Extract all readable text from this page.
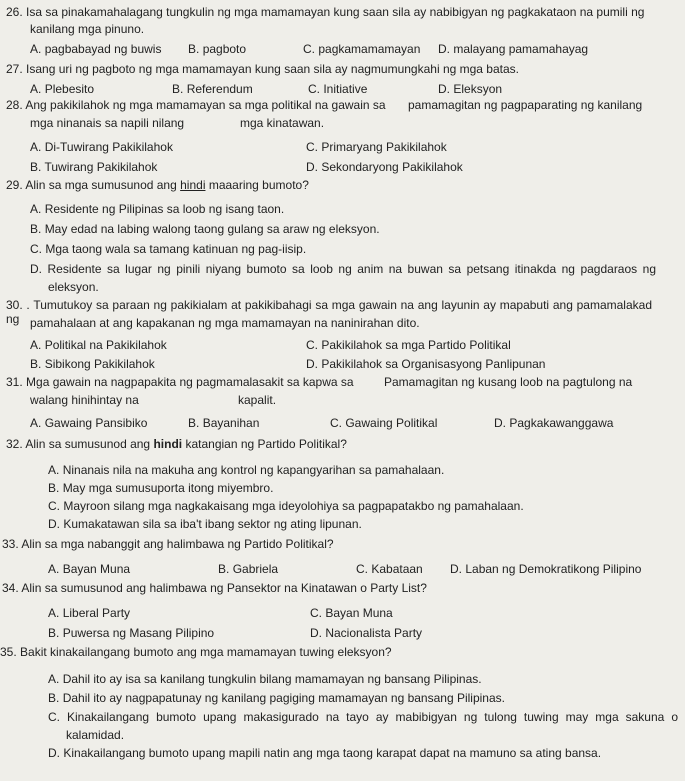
26. Isa sa pinakamahalagang tungkulin ng mga mamamayan kung saan sila ay nabibigyan ng pagkakataon na pumili ng
kanilang mga pinuno.
A. pagbabayad ng buwis B. pagboto	C. pagkamamamayan D. malayang pamamahayag
27. Isang uri ng pagboto ng mga mamamayan kung saan sila ay nagmumungkahi ng mga batas.
A. Plebesito	B. Referendum	C. Initiative	D. Eleksyon
28. Ang pakikilahok ng mga mamamayan sa mga politikal na gawain sa pamamagitan ng pagpaparating ng kanilang
mga ninanais sa napili nilang	mga kinatawan.
A. Di-Tuwirang Pakikilahok	C. Primaryang Pakikilahok
B. Tuwirang Pakikilahok	D. Sekondaryong Pakikilahok
29. Alin sa mga sumusunod ang hindi maaaring bumoto?
A. Residente ng Pilipinas sa loob ng isang taon.
B. May edad na labing walong taong gulang sa araw ng eleksyon.
C. Mga taong wala sa tamang katinuan ng pag-iisip.
D. Residente sa lugar ng pinili niyang bumoto sa loob ng anim na buwan sa petsang itinakda ng pagdaraos ng
eleksyon.
30. . Tumutukoy sa paraan ng pakikialam at pakikibahagi sa mga gawain na ang layunin ay mapabuti ang pamamalakad ng pamahalaan at ang kapakanan ng mga mamamayan na naninirahan dito.
A. Politikal na Pakikilahok	C. Pakikilahok sa mga Partido Politikal
B. Sibikong Pakikilahok	D. Pakikilahok sa Organisasyong Panlipunan
31. Mga gawain na nagpapakita ng pagmamalasakit sa kapwa sa	Pamamagitan ng kusang loob na pagtulong na
walang hinihintay na	kapalit.
A. Gawaing Pansibiko	B. Bayanihan	C. Gawaing Politikal	D. Pagkakawanggawa
32. Alin sa sumusunod ang hindi katangian ng Partido Politikal?
A. Ninanais nila na makuha ang kontrol ng kapangyarihan sa pamahalaan.
B. May mga sumusuporta itong miyembro.
C. Mayroon silang mga nagkakaisang mga ideyolohiya sa pagpapatakbo ng pamahalaan.
D. Kumakatawan sila sa iba't ibang sektor ng ating lipunan.
33. Alin sa mga nabanggit ang halimbawa ng Partido Politikal?
A. Bayan Muna	B. Gabriela	C. Kabataan D. Laban ng Demokratikong Pilipino
34. Alin sa sumusunod ang halimbawa ng Pansektor na Kinatawan o Party List?
A. Liberal Party	C. Bayan Muna
B. Puwersa ng Masang Pilipino	D. Nacionalista Party
35. Bakit kinakailangang bumoto ang mga mamamayan tuwing eleksyon?
A. Dahil ito ay isa sa kanilang tungkulin bilang mamamayan ng bansang Pilipinas.
B. Dahil ito ay nagpapatunay ng kanilang pagiging mamamayan ng bansang Pilipinas.
C. Kinakailangang bumoto upang makasigurado na tayo ay mabibigyan ng tulong tuwing may mga sakuna o
kalamidad.
D. Kinakailangang bumoto upang mapili natin ang mga taong karapat dapat na mamuno sa ating bansa.
